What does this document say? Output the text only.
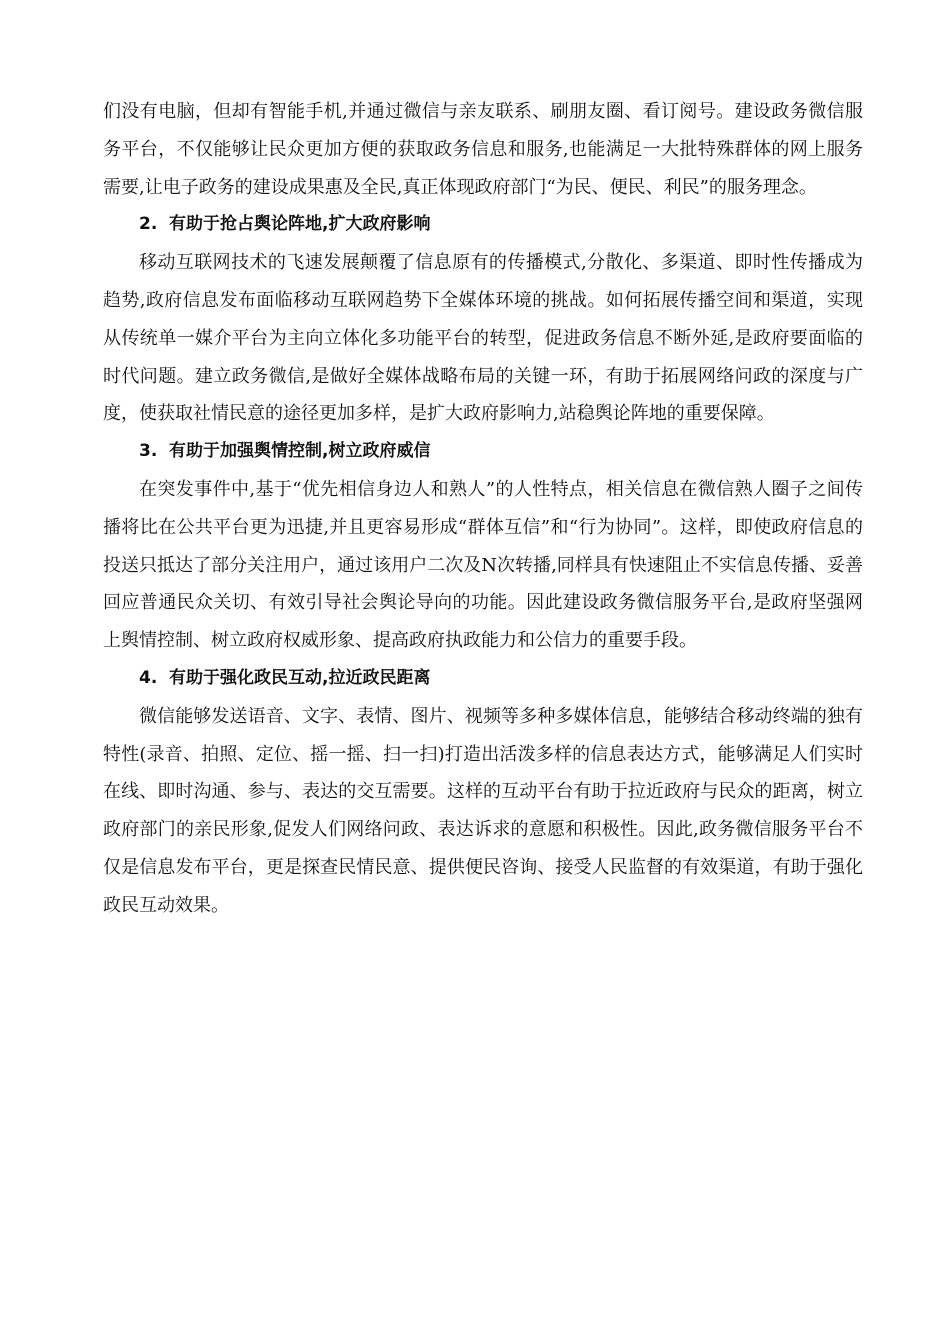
们没有电脑，但却有智能手机,并通过微信与亲友联系、刷朋友圈、看订阅号。建设政务微信服务平台，不仅能够让民众更加方便的获取政务信息和服务,也能满足一大批特殊群体的网上服务需要,让电子政务的建设成果惠及全民,真正体现政府部门“为民、便民、利民”的服务理念。

2. 有助于抢占舆论阵地,扩大政府影响

移动互联网技术的飞速发展颠覆了信息原有的传播模式,分散化、多渠道、即时性传播成为趋势,政府信息发布面临移动互联网趋势下全媒体环境的挑战。如何拓展传播空间和渠道，实现从传统单一媒介平台为主向立体化多功能平台的转型，促进政务信息不断外延,是政府要面临的时代问题。建立政务微信,是做好全媒体战略布局的关键一环，有助于拓展网络问政的深度与广度，使获取社情民意的途径更加多样，是扩大政府影响力,站稳舆论阵地的重要保障。

3. 有助于加强舆情控制,树立政府威信

在突发事件中,基于“优先相信身边人和熟人”的人性特点，相关信息在微信熟人圈子之间传播将比在公共平台更为迅捷,并且更容易形成“群体互信”和“行为协同”。这样，即使政府信息的投送只抵达了部分关注用户，通过该用户二次及N次转播,同样具有快速阻止不实信息传播、妥善回应普通民众关切、有效引导社会舆论导向的功能。因此建设政务微信服务平台,是政府坚强网上舆情控制、树立政府权威形象、提高政府执政能力和公信力的重要手段。

4. 有助于强化政民互动,拉近政民距离

微信能够发送语音、文字、表情、图片、视频等多种多媒体信息，能够结合移动终端的独有特性(录音、拍照、定位、摇一摇、扫一扫)打造出活泼多样的信息表达方式，能够满足人们实时在线、即时沟通、参与、表达的交互需要。这样的互动平台有助于拉近政府与民众的距离，树立政府部门的亲民形象,促发人们网络问政、表达诉求的意愿和积极性。因此,政务微信服务平台不仅是信息发布平台，更是探查民情民意、提供便民咨询、接受人民监督的有效渠道，有助于强化政民互动效果。
